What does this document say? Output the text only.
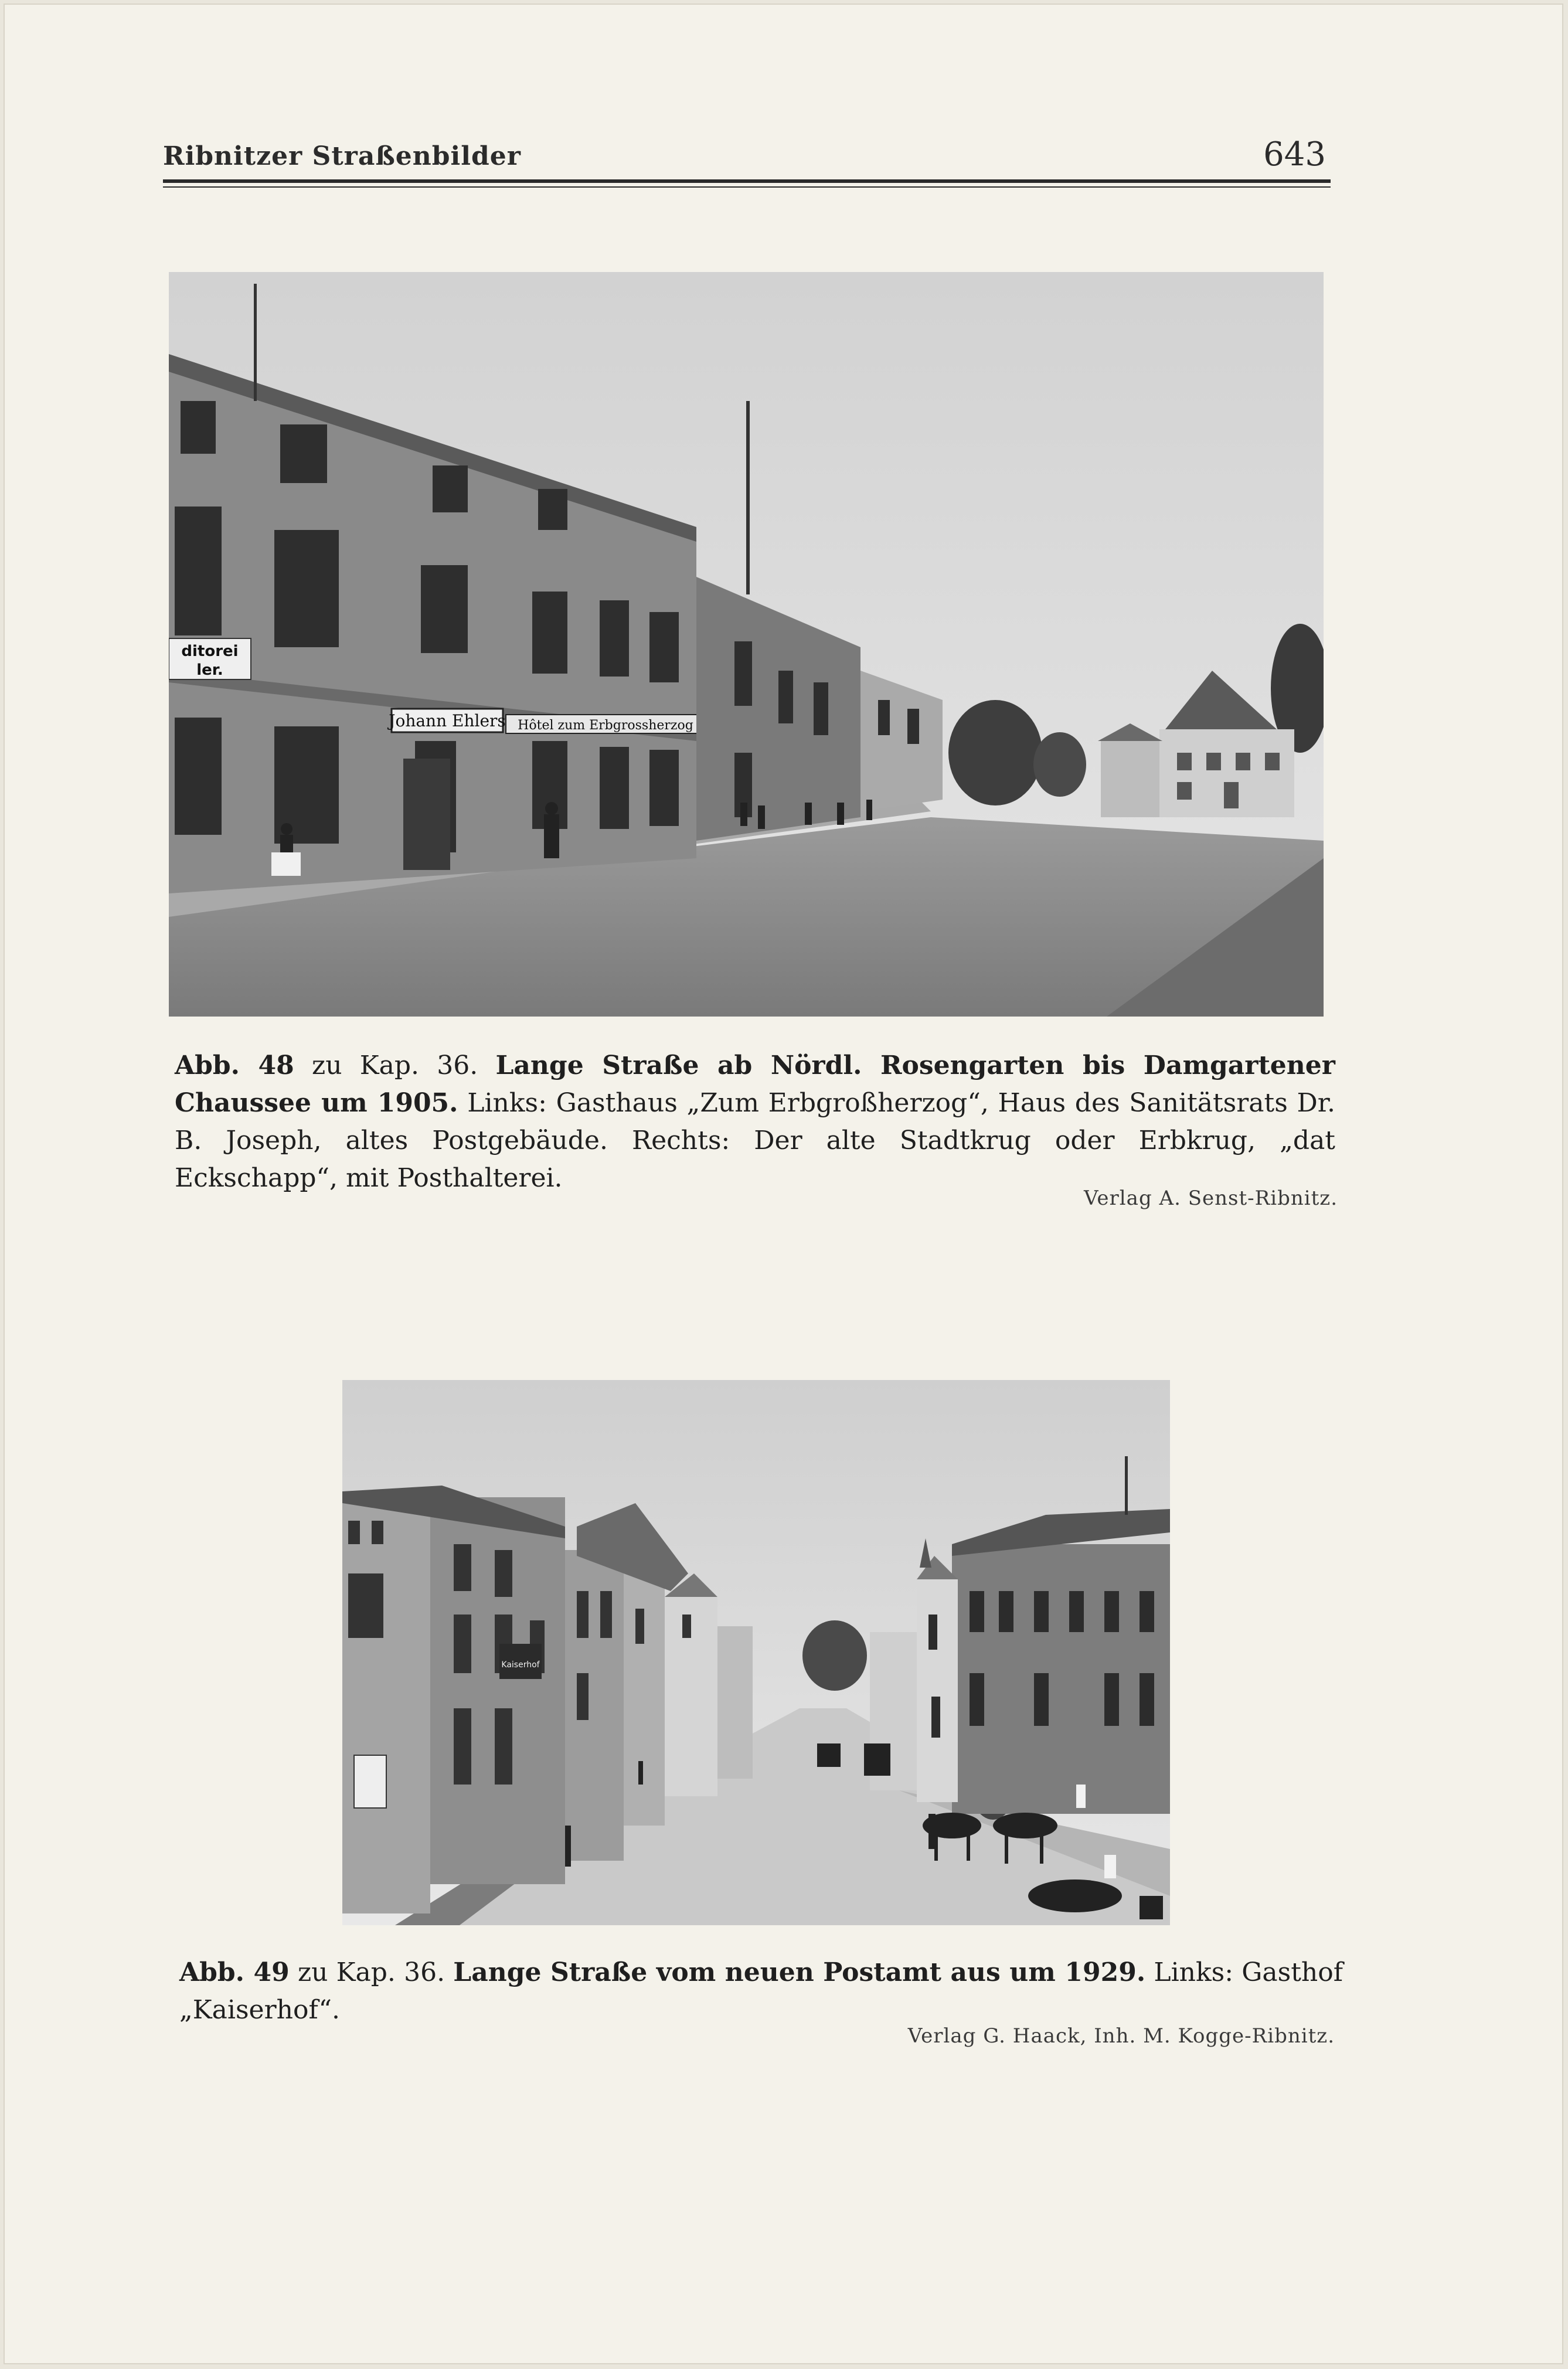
Ribnitzer Straßenbilder	643
Johann Ehlers Hôtel zum Erbgrossherzog
ditorei
ler.
Abb. 48 zu Kap. 36. Lange Straße ab Nördl. Rosengarten bis Damgartener Chaussee um 1905. Links: Gasthaus „Zum Erbgroßherzog“, Haus des Sanitätsrats Dr. B. Joseph, altes Postgebäude. Rechts: Der alte Stadtkrug oder Erbkrug, „dat Eckschapp“, mit Posthalterei.
Verlag A. Senst-Ribnitz.
Kaiserhof
Abb. 49 zu Kap. 36. Lange Straße vom neuen Postamt aus um 1929. Links: Gasthof „Kaiserhof“.
Verlag G. Haack, Inh. M. Kogge-Ribnitz.
